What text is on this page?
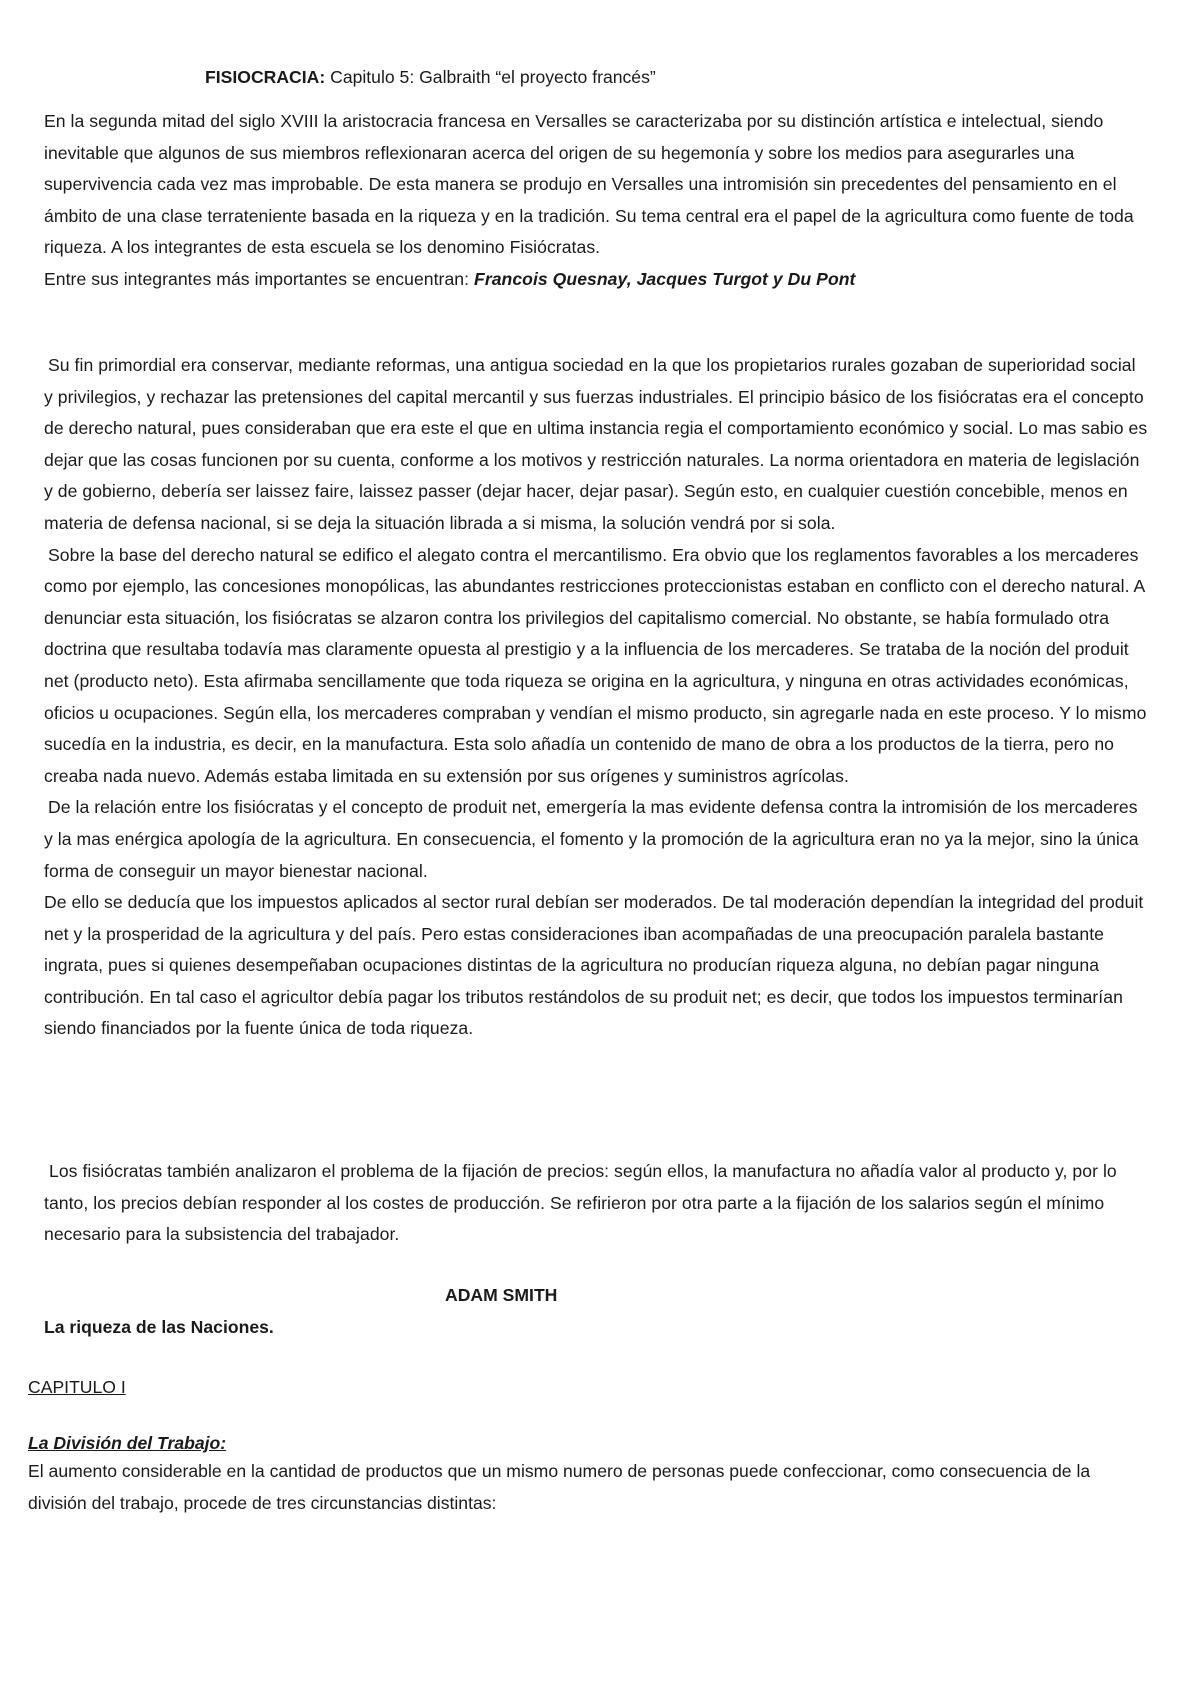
FISIOCRACIA: Capitulo 5: Galbraith “el proyecto francés”

En la segunda mitad del siglo XVIII la aristocracia francesa en Versalles se caracterizaba por su distinción artística e intelectual, siendo inevitable que algunos de sus miembros reflexionaran acerca del origen de su hegemonía y sobre los medios para asegurarles una supervivencia cada vez mas improbable. De esta manera se produjo en Versalles una intromisión sin precedentes del pensamiento en el ámbito de una clase terrateniente basada en la riqueza y en la tradición. Su tema central era el papel de la agricultura como fuente de toda riqueza. A los integrantes de esta escuela se los denomino Fisiócratas.

Entre sus integrantes más importantes se encuentran: Francois Quesnay, Jacques Turgot y Du Pont

Su fin primordial era conservar, mediante reformas, una antigua sociedad en la que los propietarios rurales gozaban de superioridad social y privilegios, y rechazar las pretensiones del capital mercantil y sus fuerzas industriales. El principio básico de los fisiócratas era el concepto de derecho natural, pues consideraban que era este el que en ultima instancia regia el comportamiento económico y social. Lo mas sabio es dejar que las cosas funcionen por su cuenta, conforme a los motivos y restricción naturales. La norma orientadora en materia de legislación y de gobierno, debería ser laissez faire, laissez passer (dejar hacer, dejar pasar). Según esto, en cualquier cuestión concebible, menos en materia de defensa nacional, si se deja la situación librada a si misma, la solución vendrá por si sola.

Sobre la base del derecho natural se edifico el alegato contra el mercantilismo. Era obvio que los reglamentos favorables a los mercaderes como por ejemplo, las concesiones monopólicas, las abundantes restricciones proteccionistas estaban en conflicto con el derecho natural. A denunciar esta situación, los fisiócratas se alzaron contra los privilegios del capitalismo comercial. No obstante, se había formulado otra doctrina que resultaba todavía mas claramente opuesta al prestigio y a la influencia de los mercaderes. Se trataba de la noción del produit net (producto neto). Esta afirmaba sencillamente que toda riqueza se origina en la agricultura, y ninguna en otras actividades económicas, oficios u ocupaciones. Según ella, los mercaderes compraban y vendían el mismo producto, sin agregarle nada en este proceso. Y lo mismo sucedía en la industria, es decir, en la manufactura. Esta solo añadía un contenido de mano de obra a los productos de la tierra, pero no creaba nada nuevo. Además estaba limitada en su extensión por sus orígenes y suministros agrícolas.

De la relación entre los fisiócratas y el concepto de produit net, emergería la mas evidente defensa contra la intromisión de los mercaderes y la mas enérgica apología de la agricultura. En consecuencia, el fomento y la promoción de la agricultura eran no ya la mejor, sino la única forma de conseguir un mayor bienestar nacional.

De ello se deducía que los impuestos aplicados al sector rural debían ser moderados. De tal moderación dependían la integridad del produit net y la prosperidad de la agricultura y del país. Pero estas consideraciones iban acompañadas de una preocupación paralela bastante ingrata, pues si quienes desempeñaban ocupaciones distintas de la agricultura no producían riqueza alguna, no debían pagar ninguna contribución. En tal caso el agricultor debía pagar los tributos restándolos de su produit net; es decir, que todos los impuestos terminarían siendo financiados por la fuente única de toda riqueza.

Los fisiócratas también analizaron el problema de la fijación de precios: según ellos, la manufactura no añadía valor al producto y, por lo tanto, los precios debían responder al los costes de producción. Se refirieron por otra parte a la fijación de los salarios según el mínimo necesario para la subsistencia del trabajador.

ADAM SMITH
La riqueza de las Naciones.
CAPITULO I
La División del Trabajo:
El aumento considerable en la cantidad de productos que un mismo numero de personas puede confeccionar, como consecuencia de la división del trabajo, procede de tres circunstancias distintas:
